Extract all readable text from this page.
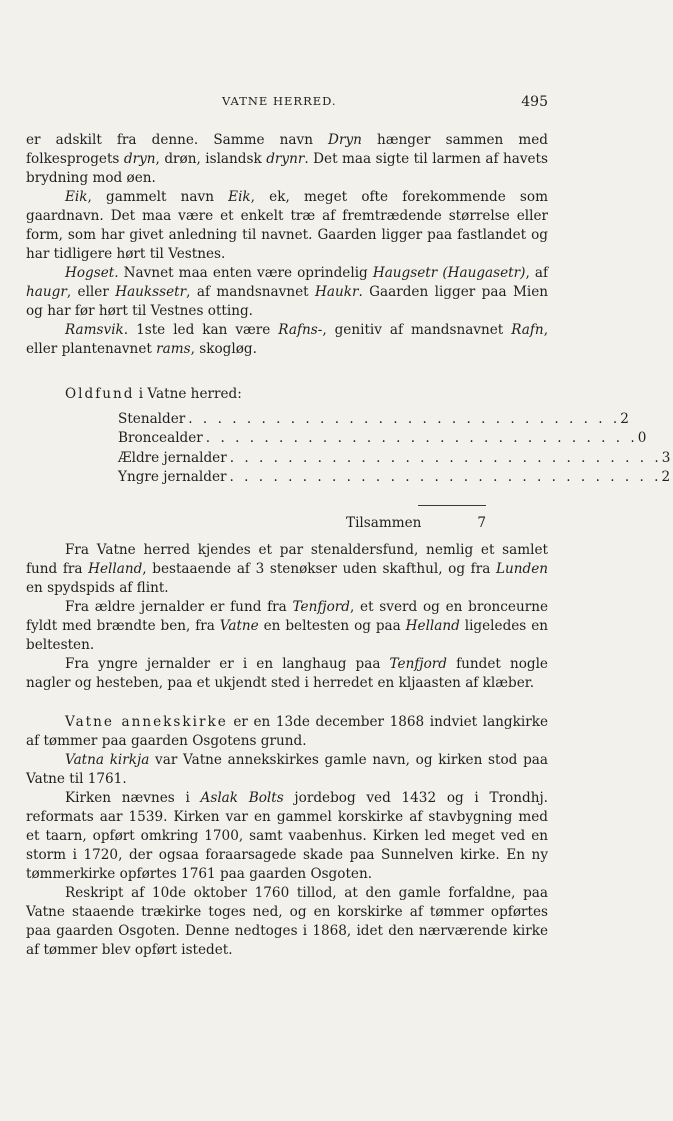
VATNE HERRED.	495

er adskilt fra denne. Samme navn Dryn hænger sammen med folkesprogets dryn, drøn, islandsk drynr. Det maa sigte til larmen af havets brydning mod øen.

Eik, gammelt navn Eik, ek, meget ofte forekommende som gaardnavn. Det maa være et enkelt træ af fremtrædende størrelse eller form, som har givet anledning til navnet. Gaarden ligger paa fastlandet og har tidligere hørt til Vestnes.

Hogset. Navnet maa enten være oprindelig Haugsetr (Haugasetr), af haugr, eller Haukssetr, af mandsnavnet Haukr. Gaarden ligger paa Mien og har før hørt til Vestnes otting.

Ramsvik. 1ste led kan være Rafns-, genitiv af mandsnavnet Rafn, eller plantenavnet rams, skogløg.

Oldfund i Vatne herred:

Stenalder . . . . . . . . . . . . . . . . . . . . . . . . . . . . . . 2
Broncealder . . . . . . . . . . . . . . . . . . . . . . . . . . . . . . 0
Ældre jernalder . . . . . . . . . . . . . . . . . . . . . . . . . . . . . . 3
Yngre jernalder . . . . . . . . . . . . . . . . . . . . . . . . . . . . . . 2
Tilsammen	7

Fra Vatne herred kjendes et par stenaldersfund, nemlig et samlet fund fra Helland, bestaaende af 3 stenøkser uden skafthul, og fra Lunden en spydspids af flint.

Fra ældre jernalder er fund fra Tenfjord, et sverd og en bronceurne fyldt med brændte ben, fra Vatne en beltesten og paa Helland ligeledes en beltesten.

Fra yngre jernalder er i en langhaug paa Tenfjord fundet nogle nagler og hesteben, paa et ukjendt sted i herredet en kljaasten af klæber.

Vatne annekskirke er en 13de december 1868 indviet langkirke af tømmer paa gaarden Osgotens grund.

Vatna kirkja var Vatne annekskirkes gamle navn, og kirken stod paa Vatne til 1761.

Kirken nævnes i Aslak Bolts jordebog ved 1432 og i Trondhj. reformats aar 1539. Kirken var en gammel korskirke af stavbygning med et taarn, opført omkring 1700, samt vaabenhus. Kirken led meget ved en storm i 1720, der ogsaa foraarsagede skade paa Sunnelven kirke. En ny tømmerkirke opførtes 1761 paa gaarden Osgoten.

Reskript af 10de oktober 1760 tillod, at den gamle forfaldne, paa Vatne staaende trækirke toges ned, og en korskirke af tømmer opførtes paa gaarden Osgoten. Denne nedtoges i 1868, idet den nærværende kirke af tømmer blev opført istedet.
